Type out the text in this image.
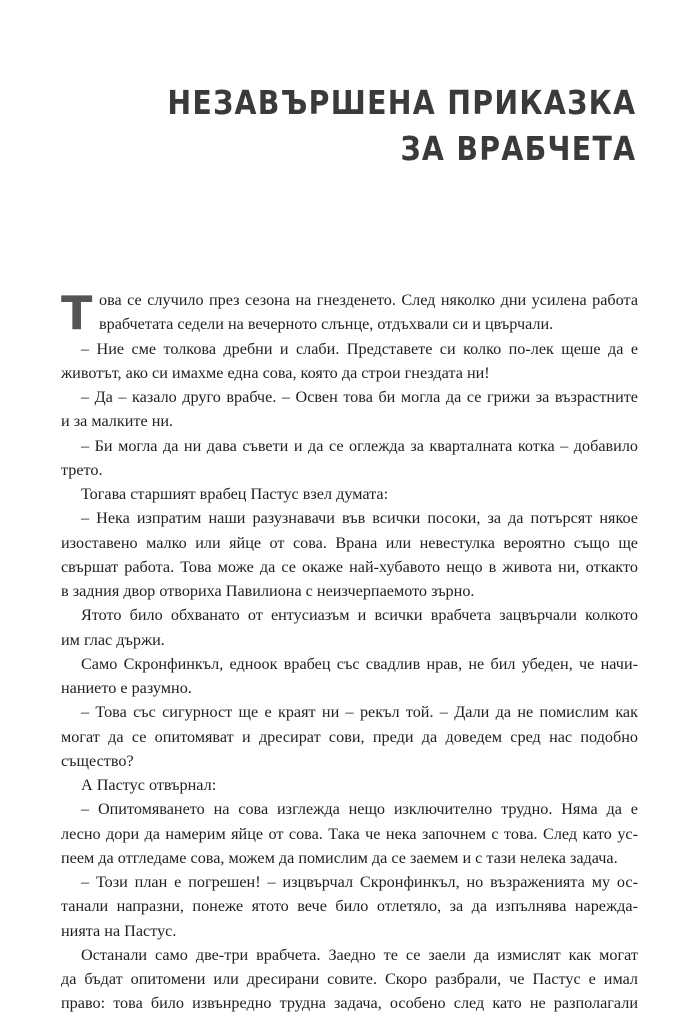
НЕЗАВЪРШЕНА ПРИКАЗКА
ЗА ВРАБЧЕТА
Т ова се случило през сезона на гнезденето. След няколко дни усилена работа
врабчетата седели на вечерното слънце, отдъхвали си и цвърчали.
– Ние сме толкова дребни и слаби. Представете си колко по-лек щеше да е
животът, ако си имахме една сова, която да строи гнездата ни!
– Да – казало друго врабче. – Освен това би могла да се грижи за възрастните
и за малките ни.
– Би могла да ни дава съвети и да се оглежда за кварталната котка – добавило
трето.
Тогава старшият врабец Пастус взел думата:
– Нека изпратим наши разузнавачи във всички посоки, за да потърсят някое
изоставено малко или яйце от сова. Врана или невестулка вероятно също ще
свършат работа. Това може да се окаже най-хубавото нещо в живота ни, откакто
в задния двор отвориха Павилиона с неизчерпаемото зърно.
Ятото било обхванато от ентусиазъм и всички врабчета зацвърчали колкото
им глас държи.
Само Скронфинкъл, едноок врабец със свадлив нрав, не бил убеден, че начи-
нанието е разумно.
– Това със сигурност ще е краят ни – рекъл той. – Дали да не помислим как
могат да се опитомяват и дресират сови, преди да доведем сред нас подобно
същество?
А Пастус отвърнал:
– Опитомяването на сова изглежда нещо изключително трудно. Няма да е
лесно дори да намерим яйце от сова. Така че нека започнем с това. След като ус-
пеем да отгледаме сова, можем да помислим да се заемем и с тази нелека задача.
– Този план е погрешен! – изцвърчал Скронфинкъл, но възраженията му ос-
танали напразни, понеже ятото вече било отлетяло, за да изпълнява нарежда-
нията на Пастус.
Останали само две-три врабчета. Заедно те се заели да измислят как могат
да бъдат опитомени или дресирани совите. Скоро разбрали, че Пастус е имал
право: това било извънредно трудна задача, особено след като не разполагали
